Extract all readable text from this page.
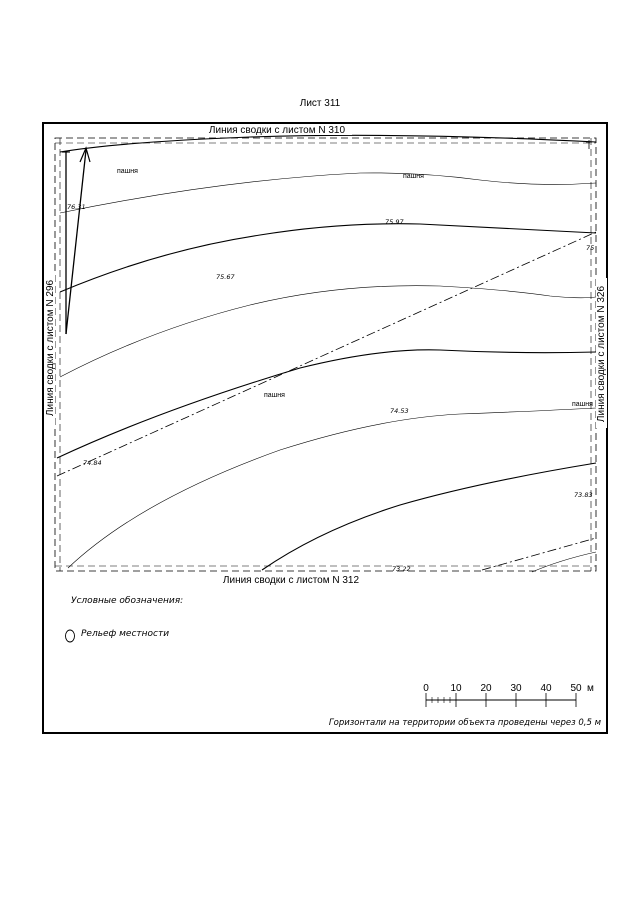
Лист 311
Линия сводки с листом N 310
Линия сводки с листом N 312
Линия сводки с листом N 296	Линия сводки с листом N 326
пашня
пашня
пашня
пашня
76.31
75.97
75.67
75
74.53
74.84
73.83
73.22
Условные обозначения:
Рельеф местности
0 10 20 30 40 50 м
Горизонтали на территории объекта проведены через 0,5 м
